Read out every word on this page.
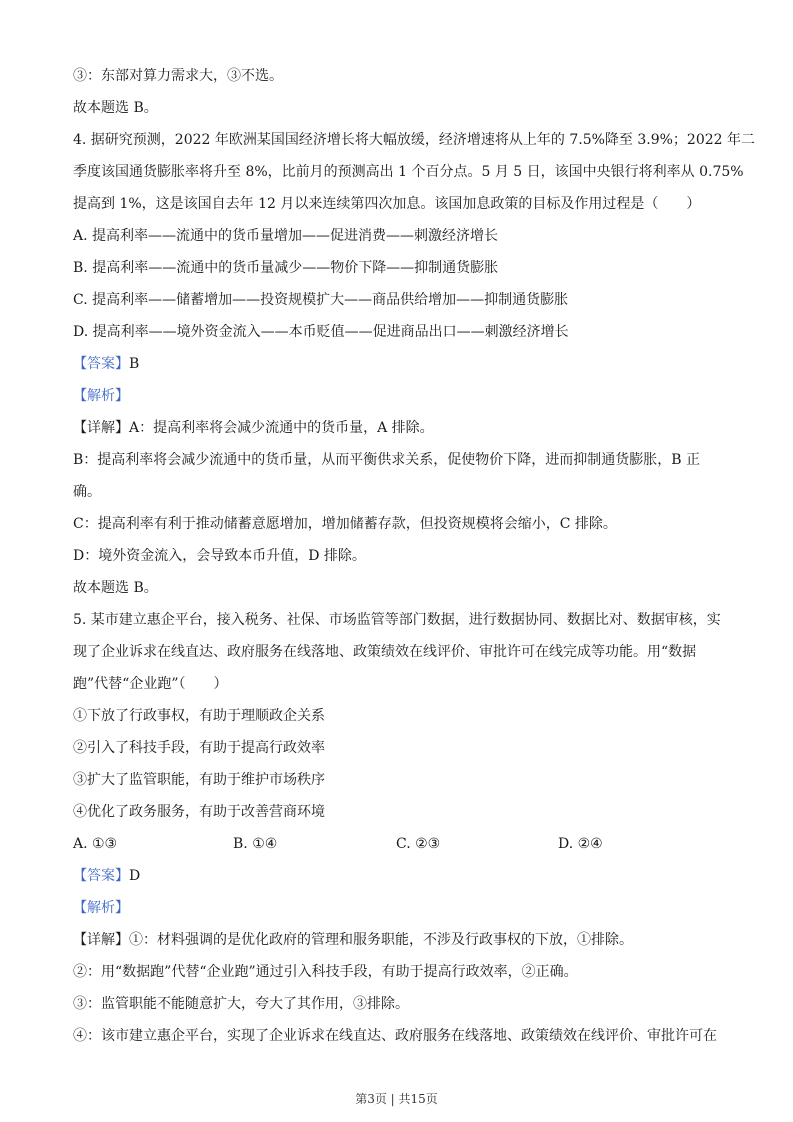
③：东部对算力需求大，③不选。
故本题选 B。
4. 据研究预测，2022 年欧洲某国国经济增长将大幅放缓，经济增速将从上年的 7.5%降至 3.9%；2022 年二
季度该国通货膨胀率将升至 8%，比前月的预测高出 1 个百分点。5 月 5 日，该国中央银行将利率从 0.75%
提高到 1%，这是该国自去年 12 月以来连续第四次加息。该国加息政策的目标及作用过程是（　　）
A. 提高利率——流通中的货币量增加——促进消费——刺激经济增长
B. 提高利率——流通中的货币量减少——物价下降——抑制通货膨胀
C. 提高利率——储蓄增加——投资规模扩大——商品供给增加——抑制通货膨胀
D. 提高利率——境外资金流入——本币贬值——促进商品出口——刺激经济增长
【答案】B
【解析】
【详解】A：提高利率将会减少流通中的货币量，A 排除。
B：提高利率将会减少流通中的货币量，从而平衡供求关系，促使物价下降，进而抑制通货膨胀，B 正
确。
C：提高利率有利于推动储蓄意愿增加，增加储蓄存款，但投资规模将会缩小，C 排除。
D：境外资金流入，会导致本币升值，D 排除。
故本题选 B。
5. 某市建立惠企平台，接入税务、社保、市场监管等部门数据，进行数据协同、数据比对、数据审核，实
现了企业诉求在线直达、政府服务在线落地、政策绩效在线评价、审批许可在线完成等功能。用“数据
跑”代替“企业跑”（　　）
①下放了行政事权，有助于理顺政企关系
②引入了科技手段，有助于提高行政效率
③扩大了监管职能，有助于维护市场秩序
④优化了政务服务，有助于改善营商环境
A. ①③	B. ①④	C. ②③	D. ②④
【答案】D
【解析】
【详解】①：材料强调的是优化政府的管理和服务职能，不涉及行政事权的下放，①排除。
②：用“数据跑”代替“企业跑”通过引入科技手段，有助于提高行政效率，②正确。
③：监管职能不能随意扩大，夸大了其作用，③排除。
④：该市建立惠企平台，实现了企业诉求在线直达、政府服务在线落地、政策绩效在线评价、审批许可在
第3页 | 共15页
